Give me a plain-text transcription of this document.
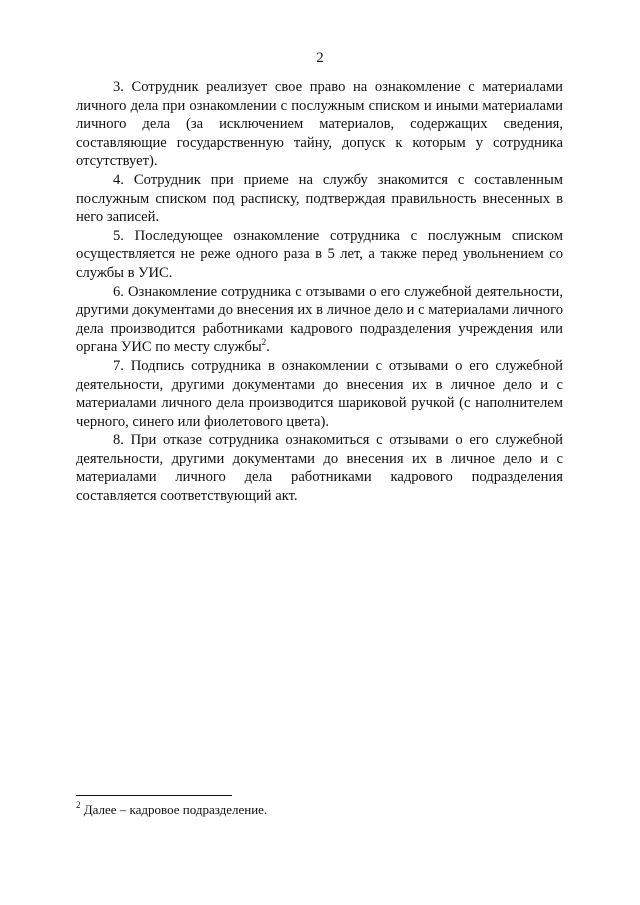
2

3. Сотрудник реализует свое право на ознакомление с материалами личного дела при ознакомлении с послужным списком и иными материалами личного дела (за исключением материалов, содержащих сведения, составляющие государственную тайну, допуск к которым у сотрудника отсутствует).

4. Сотрудник при приеме на службу знакомится с составленным послужным списком под расписку, подтверждая правильность внесенных в него записей.

5. Последующее ознакомление сотрудника с послужным списком осуществляется не реже одного раза в 5 лет, а также перед увольнением со службы в УИС.

6. Ознакомление сотрудника с отзывами о его служебной деятельности, другими документами до внесения их в личное дело и с материалами личного дела производится работниками кадрового подразделения учреждения или органа УИС по месту службы$^2$.

7. Подпись сотрудника в ознакомлении с отзывами о его служебной деятельности, другими документами до внесения их в личное дело и с материалами личного дела производится шариковой ручкой (с наполнителем черного, синего или фиолетового цвета).

8. При отказе сотрудника ознакомиться с отзывами о его служебной деятельности, другими документами до внесения их в личное дело и с материалами личного дела работниками кадрового подразделения составляется соответствующий акт.

$^2$ Далее – кадровое подразделение.
